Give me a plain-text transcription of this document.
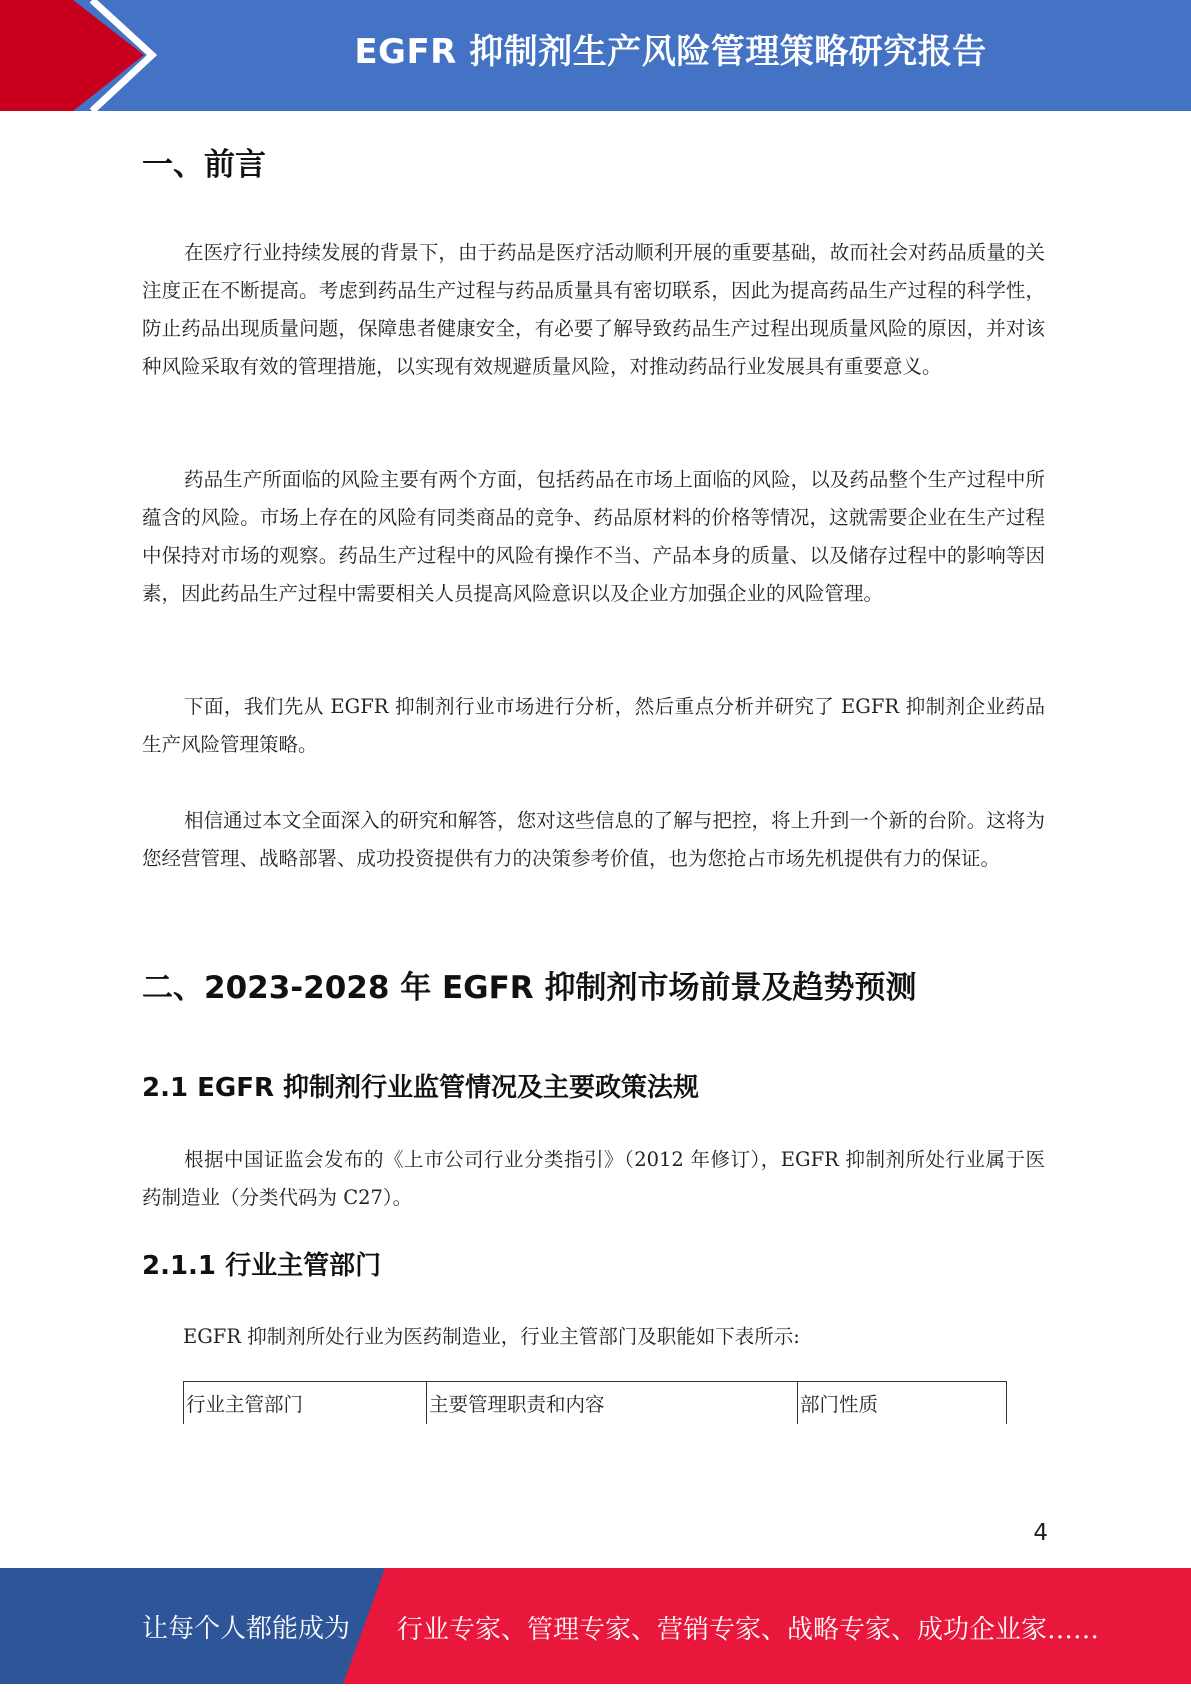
EGFR 抑制剂生产风险管理策略研究报告
一、前言

在医疗行业持续发展的背景下，由于药品是医疗活动顺利开展的重要基础，故而社会对药品质量的关注度正在不断提高。考虑到药品生产过程与药品质量具有密切联系，因此为提高药品生产过程的科学性，防止药品出现质量问题，保障患者健康安全，有必要了解导致药品生产过程出现质量风险的原因，并对该种风险采取有效的管理措施，以实现有效规避质量风险，对推动药品行业发展具有重要意义。

药品生产所面临的风险主要有两个方面，包括药品在市场上面临的风险，以及药品整个生产过程中所蕴含的风险。市场上存在的风险有同类商品的竞争、药品原材料的价格等情况，这就需要企业在生产过程中保持对市场的观察。药品生产过程中的风险有操作不当、产品本身的质量、以及储存过程中的影响等因素，因此药品生产过程中需要相关人员提高风险意识以及企业方加强企业的风险管理。

下面，我们先从 EGFR 抑制剂行业市场进行分析，然后重点分析并研究了 EGFR 抑制剂企业药品生产风险管理策略。

相信通过本文全面深入的研究和解答，您对这些信息的了解与把控，将上升到一个新的台阶。这将为您经营管理、战略部署、成功投资提供有力的决策参考价值，也为您抢占市场先机提供有力的保证。

二、2023-2028 年 EGFR 抑制剂市场前景及趋势预测
2.1 EGFR 抑制剂行业监管情况及主要政策法规

根据中国证监会发布的《上市公司行业分类指引》（2012 年修订），EGFR 抑制剂所处行业属于医药制造业（分类代码为 C27）。

2.1.1 行业主管部门

EGFR 抑制剂所处行业为医药制造业，行业主管部门及职能如下表所示:

行业主管部门	主要管理职责和内容	部门性质
4
让每个人都能成为 行业专家、管理专家、营销专家、战略专家、成功企业家……
